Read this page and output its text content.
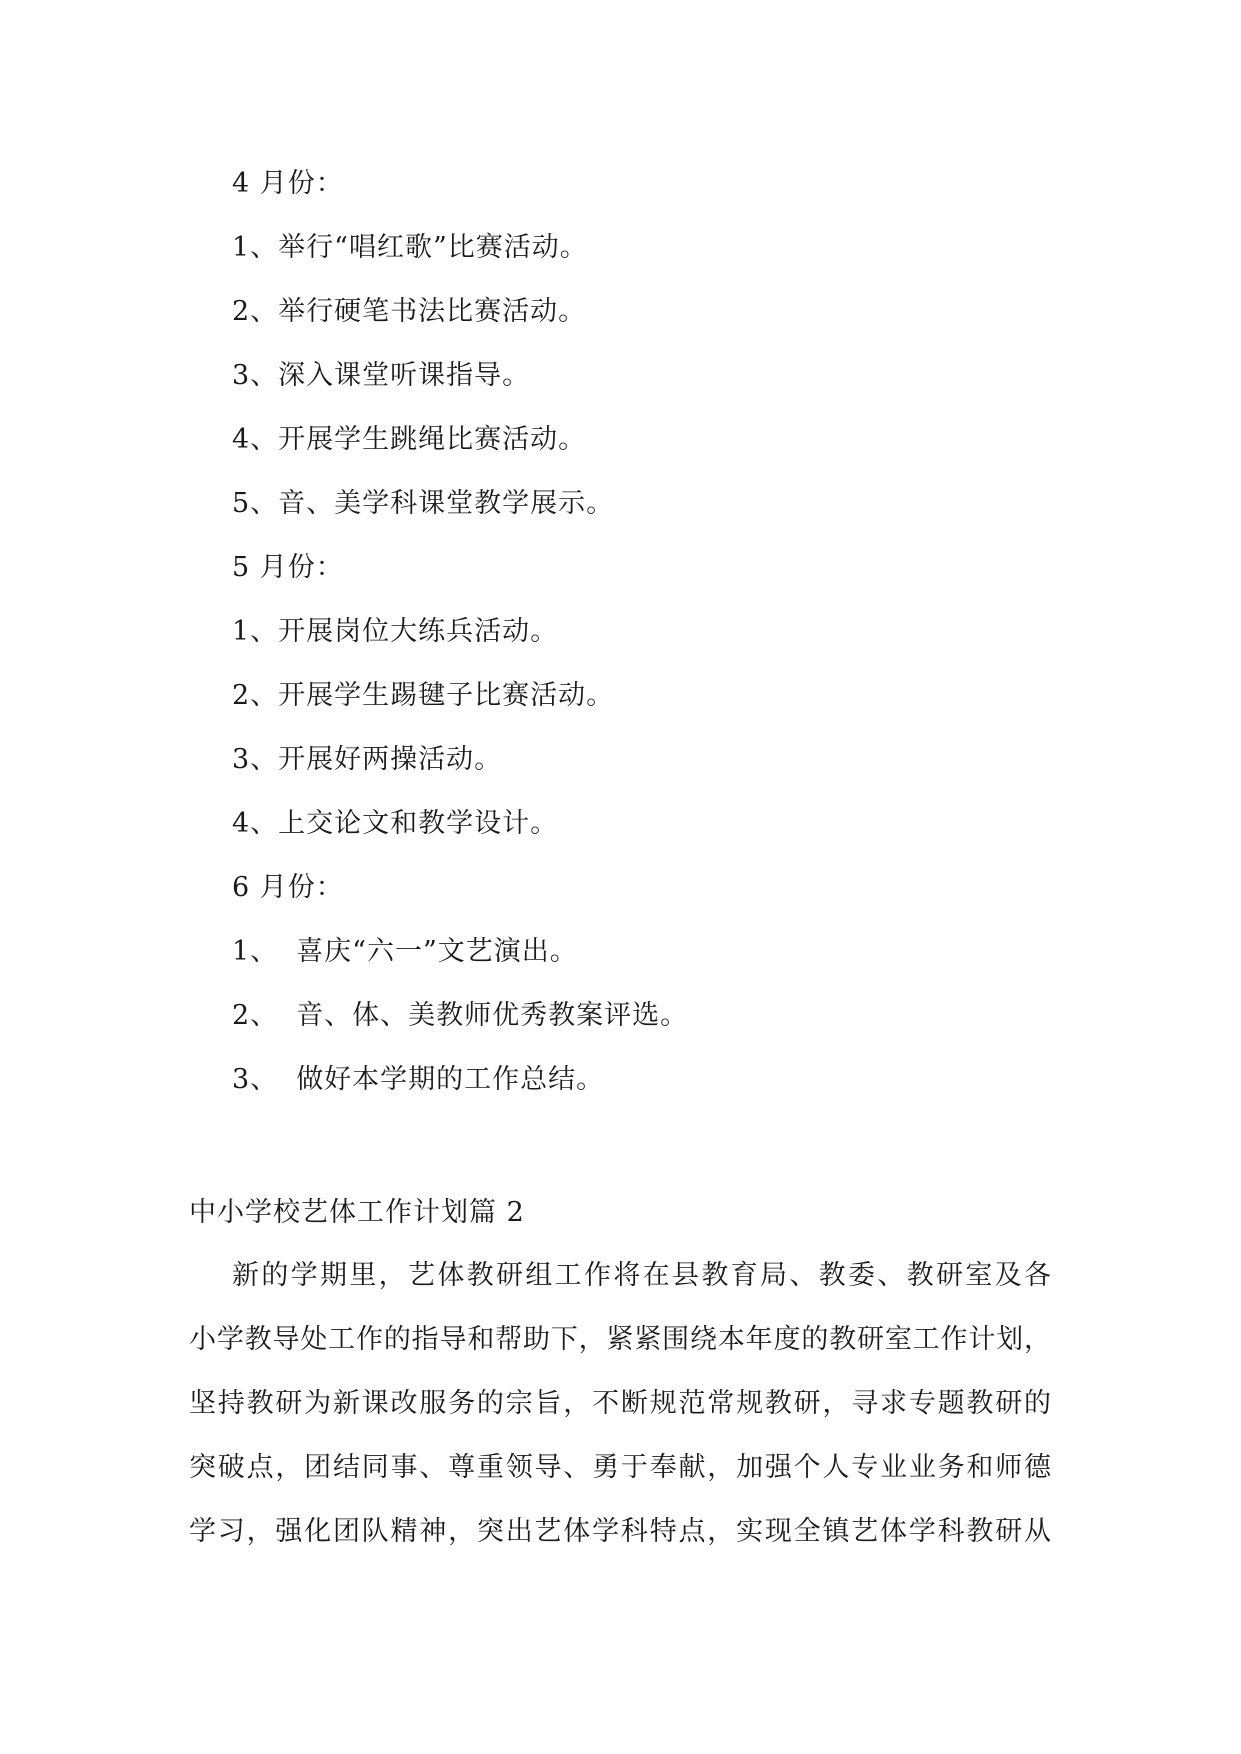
4 月份：
1、举行“唱红歌”比赛活动。
2、举行硬笔书法比赛活动。
3、深入课堂听课指导。
4、开展学生跳绳比赛活动。
5、音、美学科课堂教学展示。
5 月份：
1、开展岗位大练兵活动。
2、开展学生踢毽子比赛活动。
3、开展好两操活动。
4、上交论文和教学设计。
6 月份：
1、 喜庆“六一”文艺演出。
2、 音、体、美教师优秀教案评选。
3、 做好本学期的工作总结。
中小学校艺体工作计划篇 2
新的学期里，艺体教研组工作将在县教育局、教委、教研室及各
小学教导处工作的指导和帮助下，紧紧围绕本年度的教研室工作计划，
坚持教研为新课改服务的宗旨，不断规范常规教研，寻求专题教研的
突破点，团结同事、尊重领导、勇于奉献，加强个人专业业务和师德
学习，强化团队精神，突出艺体学科特点，实现全镇艺体学科教研从
